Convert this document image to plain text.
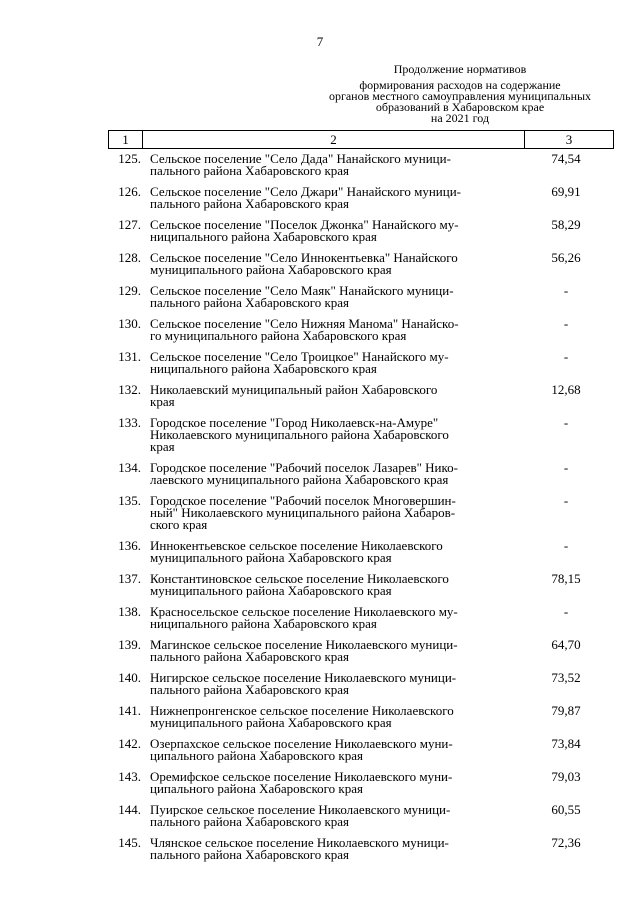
7
Продолжение нормативов
формирования расходов на содержание
органов местного самоуправления муниципальных
образований в Хабаровском крае
на 2021 год
1	2	3
125. Сельское поселение "Село Дада" Нанайского муници-
пального района Хабаровского края
74,54
126. Сельское поселение "Село Джари" Нанайского муници-
пального района Хабаровского края
69,91
127. Сельское поселение "Поселок Джонка" Нанайского му-
ниципального района Хабаровского края
58,29
128. Сельское поселение "Село Иннокентьевка" Нанайского
муниципального района Хабаровского края
56,26
129. Сельское поселение "Село Маяк" Нанайского муници-
пального района Хабаровского края
-
130. Сельское поселение "Село Нижняя Манома" Нанайско-
го муниципального района Хабаровского края
-
131. Сельское поселение "Село Троицкое" Нанайского му-
ниципального района Хабаровского края
-
132. Николаевский муниципальный район Хабаровского
края
12,68
133. Городское поселение "Город Николаевск-на-Амуре"
Николаевского муниципального района Хабаровского
края
-
134. Городское поселение "Рабочий поселок Лазарев" Нико-
лаевского муниципального района Хабаровского края
-
135. Городское поселение "Рабочий поселок Многовершин-
ный" Николаевского муниципального района Хабаров-
ского края
-
136. Иннокентьевское сельское поселение Николаевского
муниципального района Хабаровского края
-
137. Константиновское сельское поселение Николаевского
муниципального района Хабаровского края
78,15
138. Красносельское сельское поселение Николаевского му-
ниципального района Хабаровского края
-
139. Магинское сельское поселение Николаевского муници-
пального района Хабаровского края
64,70
140. Нигирское сельское поселение Николаевского муници-
пального района Хабаровского края
73,52
141. Нижнепронгенское сельское поселение Николаевского
муниципального района Хабаровского края
79,87
142. Озерпахское сельское поселение Николаевского муни-
ципального района Хабаровского края
73,84
143. Оремифское сельское поселение Николаевского муни-
ципального района Хабаровского края
79,03
144. Пуирское сельское поселение Николаевского муници-
пального района Хабаровского края
60,55
145. Члянское сельское поселение Николаевского муници-
пального района Хабаровского края
72,36
